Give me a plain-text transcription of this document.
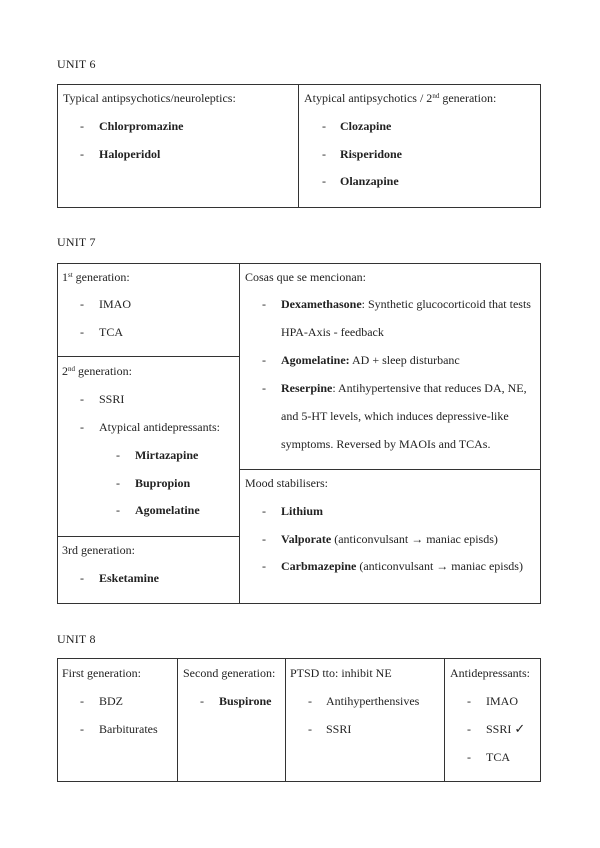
UNIT 6
Typical antipsychotics/neuroleptics:
- Chlorpromazine
- Haloperidol
Atypical antipsychotics / 2nd generation:
- Clozapine
- Risperidone
- Olanzapine
UNIT 7
1st generation:
- IMAO
- TCA
2nd generation:
- SSRI
- Atypical antidepressants:
- Mirtazapine
- Bupropion
- Agomelatine
3rd generation:
- Esketamine
Cosas que se mencionan:
- Dexamethasone: Synthetic glucocorticoid that tests
HPA-Axis - feedback
- Agomelatine: AD + sleep disturbanc
- Reserpine: Antihypertensive that reduces DA, NE,
and 5-HT levels, which induces depressive-like
symptoms. Reversed by MAOIs and TCAs.
Mood stabilisers:
- Lithium
- Valporate (anticonvulsant → maniac episds)
- Carbmazepine (anticonvulsant → maniac episds)
UNIT 8
First generation:
- BDZ
- Barbiturates
Second generation:
- Buspirone
PTSD tto: inhibit NE
- Antihyperthensives
- SSRI
Antidepressants:
- IMAO
- SSRI ✓
- TCA
